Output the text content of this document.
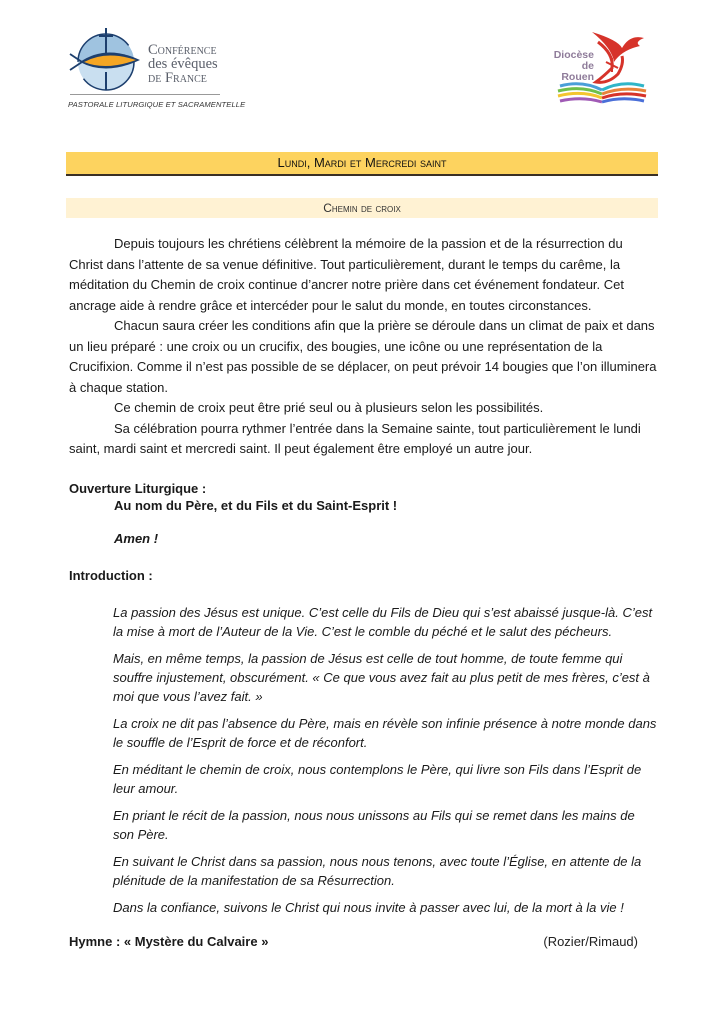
Conférence
des évêques
de France
PASTORALE LITURGIQUE ET SACRAMENTELLE
Diocèse
de Rouen
Lundi, Mardi et Mercredi saint
Chemin de croix

Depuis toujours les chrétiens célèbrent la mémoire de la passion et de la résurrection du Christ dans l’attente de sa venue définitive. Tout particulièrement, durant le temps du carême, la méditation du Chemin de croix continue d’ancrer notre prière dans cet événement fondateur. Cet ancrage aide à rendre grâce et intercéder pour le salut du monde, en toutes circonstances.

Chacun saura créer les conditions afin que la prière se déroule dans un climat de paix et dans un lieu préparé : une croix ou un crucifix, des bougies, une icône ou une représentation de la Crucifixion. Comme il n’est pas possible de se déplacer, on peut prévoir 14 bougies que l’on illuminera à chaque station.

Ce chemin de croix peut être prié seul ou à plusieurs selon les possibilités.

Sa célébration pourra rythmer l’entrée dans la Semaine sainte, tout particulièrement le lundi saint, mardi saint et mercredi saint. Il peut également être employé un autre jour.

Ouverture Liturgique :
Au nom du Père, et du Fils et du Saint-Esprit !
Amen !
Introduction :

La passion des Jésus est unique. C’est celle du Fils de Dieu qui s’est abaissé jusque-là. C’est la mise à mort de l’Auteur de la Vie. C’est le comble du péché et le salut des pécheurs.

Mais, en même temps, la passion de Jésus est celle de tout homme, de toute femme qui souffre injustement, obscurément. « Ce que vous avez fait au plus petit de mes frères, c’est à moi que vous l’avez fait. »

La croix ne dit pas l’absence du Père, mais en révèle son infinie présence à notre monde dans le souffle de l’Esprit de force et de réconfort.

En méditant le chemin de croix, nous contemplons le Père, qui livre son Fils dans l’Esprit de leur amour.

En priant le récit de la passion, nous nous unissons au Fils qui se remet dans les mains de son Père.

En suivant le Christ dans sa passion, nous nous tenons, avec toute l’Église, en attente de la plénitude de la manifestation de sa Résurrection.

Dans la confiance, suivons le Christ qui nous invite à passer avec lui, de la mort à la vie !

Hymne : « Mystère du Calvaire »	(Rozier/Rimaud)
